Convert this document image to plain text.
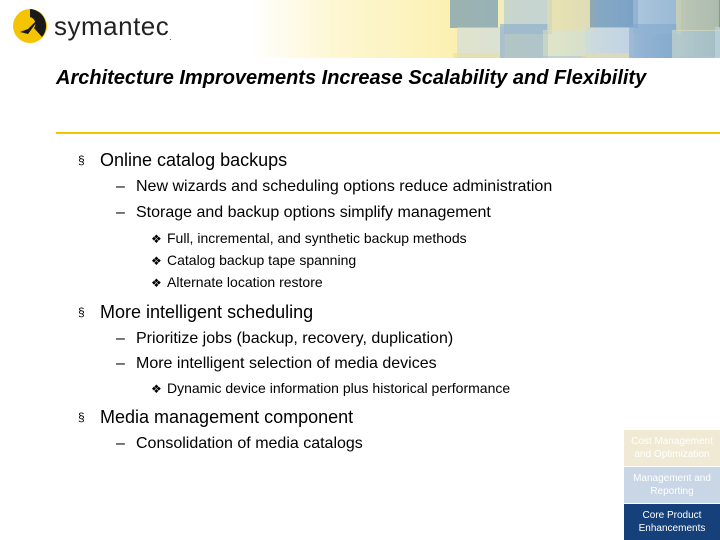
symantec.
Architecture Improvements Increase Scalability and Flexibility
§ Online catalog backups
– New wizards and scheduling options reduce administration
– Storage and backup options simplify management
❖ Full, incremental, and synthetic backup methods
❖ Catalog backup tape spanning
❖ Alternate location restore
§ More intelligent scheduling
– Prioritize jobs (backup, recovery, duplication)
– More intelligent selection of media devices
❖ Dynamic device information plus historical performance
§ Media management component
– Consolidation of media catalogs	Cost Management and Optimization
Management and Reporting
Core Product Enhancements
